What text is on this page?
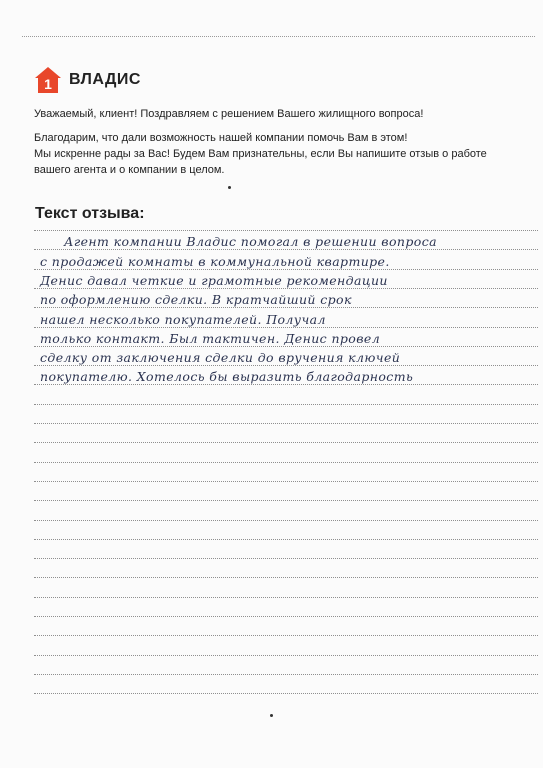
1 ВЛАДИС

Уважаемый, клиент! Поздравляем с решением Вашего жилищного вопроса!

Благодарим, что дали возможность нашей компании помочь Вам в этом!

Мы искренне рады за Вас! Будем Вам признательны, если Вы напишите отзыв о работе

вашего агента и о компании в целом.

Текст отзыва:
Агент компании Владис помогал в решении вопроса
с продажей комнаты в коммунальной квартире.
Денис давал четкие и грамотные рекомендации
по оформлению сделки. В кратчайший срок
нашел несколько покупателей. Получал
только контакт. Был тактичен. Денис провел
сделку от заключения сделки до вручения ключей
покупателю. Хотелось бы выразить благодарность
